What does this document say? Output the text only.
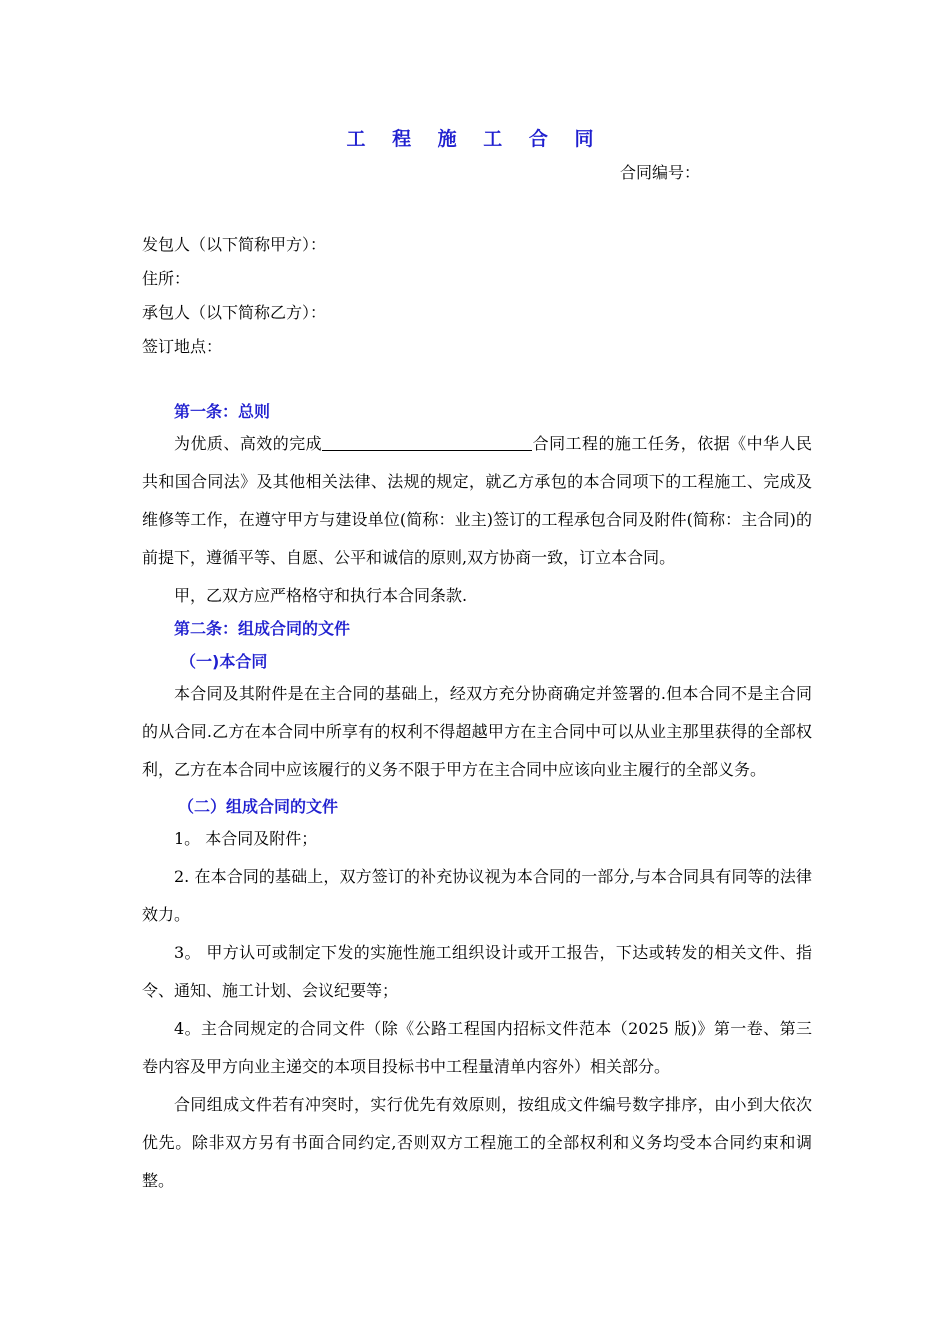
工 程 施 工 合 同
合同编号：
发包人（以下简称甲方）：
住所：
承包人（以下简称乙方）：
签订地点：
第一条：总则

为优质、高效的完成	合同工程的施工任务，依据《中华人民共和国合同法》及其他相关法律、法规的规定，就乙方承包的本合同项下的工程施工、完成及维修等工作，在遵守甲方与建设单位(简称：业主)签订的工程承包合同及附件(简称：主合同)的前提下，遵循平等、自愿、公平和诚信的原则,双方协商一致，订立本合同。

甲，乙双方应严格格守和执行本合同条款.

第二条：组成合同的文件
（一)本合同

本合同及其附件是在主合同的基础上，经双方充分协商确定并签署的.但本合同不是主合同的从合同.乙方在本合同中所享有的权利不得超越甲方在主合同中可以从业主那里获得的全部权利，乙方在本合同中应该履行的义务不限于甲方在主合同中应该向业主履行的全部义务。

（二）组成合同的文件

1。 本合同及附件；

2. 在本合同的基础上，双方签订的补充协议视为本合同的一部分,与本合同具有同等的法律效力。

3。 甲方认可或制定下发的实施性施工组织设计或开工报告，下达或转发的相关文件、指令、通知、施工计划、会议纪要等；

4。主合同规定的合同文件（除《公路工程国内招标文件范本（2025 版)》第一卷、第三卷内容及甲方向业主递交的本项目投标书中工程量清单内容外）相关部分。

合同组成文件若有冲突时，实行优先有效原则，按组成文件编号数字排序，由小到大依次优先。除非双方另有书面合同约定,否则双方工程施工的全部权利和义务均受本合同约束和调整。
